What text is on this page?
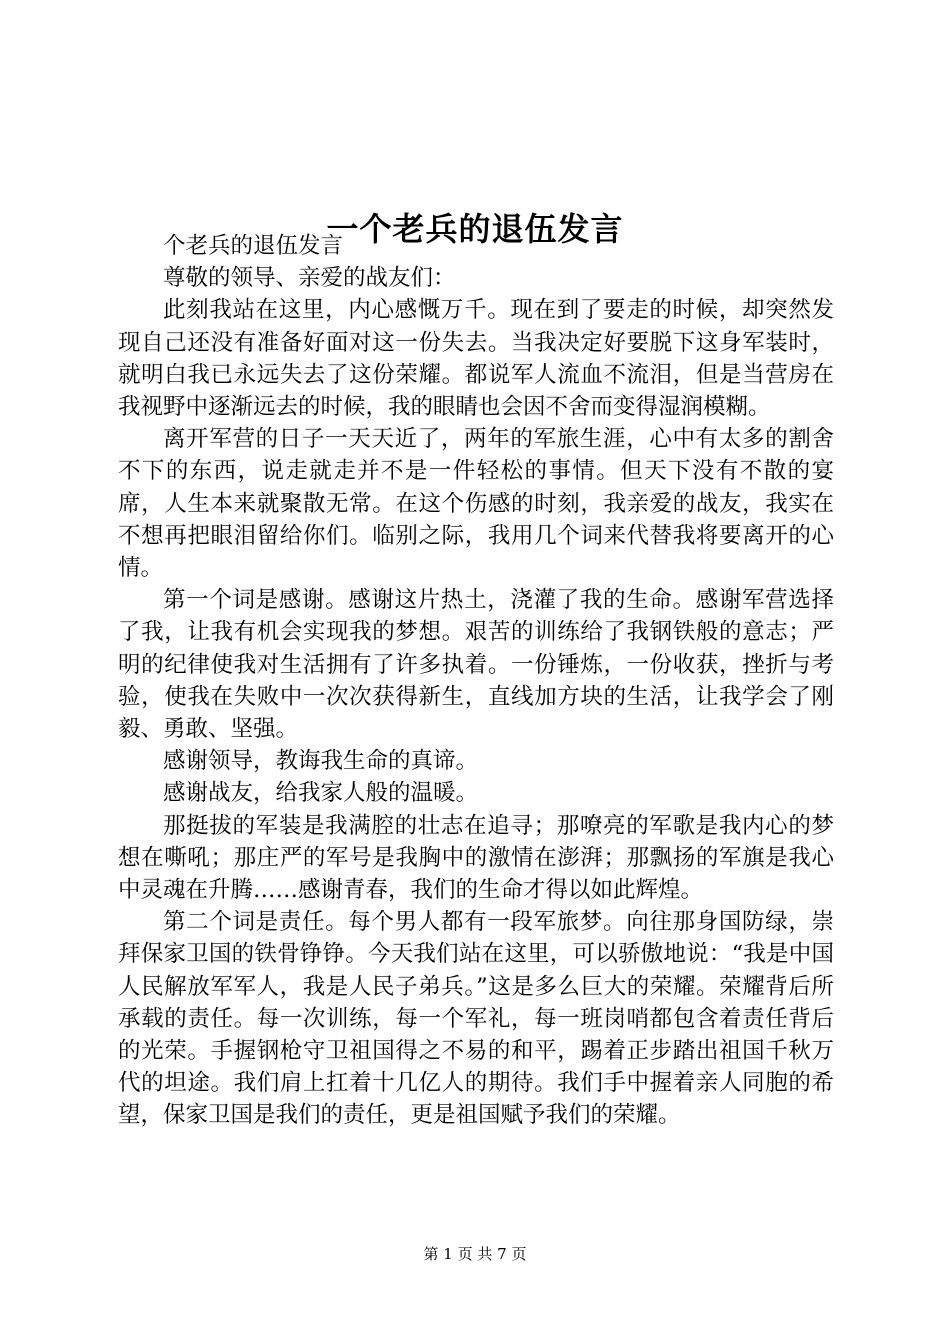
一个老兵的退伍发言

个老兵的退伍发言

尊敬的领导、亲爱的战友们：

此刻我站在这里，内心感慨万千。现在到了要走的时候，却突然发现自己还没有准备好面对这一份失去。当我决定好要脱下这身军装时，就明白我已永远失去了这份荣耀。都说军人流血不流泪，但是当营房在我视野中逐渐远去的时候，我的眼睛也会因不舍而变得湿润模糊。

离开军营的日子一天天近了，两年的军旅生涯，心中有太多的割舍不下的东西，说走就走并不是一件轻松的事情。但天下没有不散的宴席，人生本来就聚散无常。在这个伤感的时刻，我亲爱的战友，我实在不想再把眼泪留给你们。临别之际，我用几个词来代替我将要离开的心情。

第一个词是感谢。感谢这片热土，浇灌了我的生命。感谢军营选择了我，让我有机会实现我的梦想。艰苦的训练给了我钢铁般的意志；严明的纪律使我对生活拥有了许多执着。一份锤炼，一份收获，挫折与考验，使我在失败中一次次获得新生，直线加方块的生活，让我学会了刚毅、勇敢、坚强。

感谢领导，教诲我生命的真谛。

感谢战友，给我家人般的温暖。

那挺拔的军装是我满腔的壮志在追寻；那嘹亮的军歌是我内心的梦想在嘶吼；那庄严的军号是我胸中的激情在澎湃；那飘扬的军旗是我心中灵魂在升腾……感谢青春，我们的生命才得以如此辉煌。

第二个词是责任。每个男人都有一段军旅梦。向往那身国防绿，崇拜保家卫国的铁骨铮铮。今天我们站在这里，可以骄傲地说：“我是中国人民解放军军人，我是人民子弟兵。”这是多么巨大的荣耀。荣耀背后所承载的责任。每一次训练，每一个军礼，每一班岗哨都包含着责任背后的光荣。手握钢枪守卫祖国得之不易的和平，踢着正步踏出祖国千秋万代的坦途。我们肩上扛着十几亿人的期待。我们手中握着亲人同胞的希望，保家卫国是我们的责任，更是祖国赋予我们的荣耀。

第 1 页 共 7 页
